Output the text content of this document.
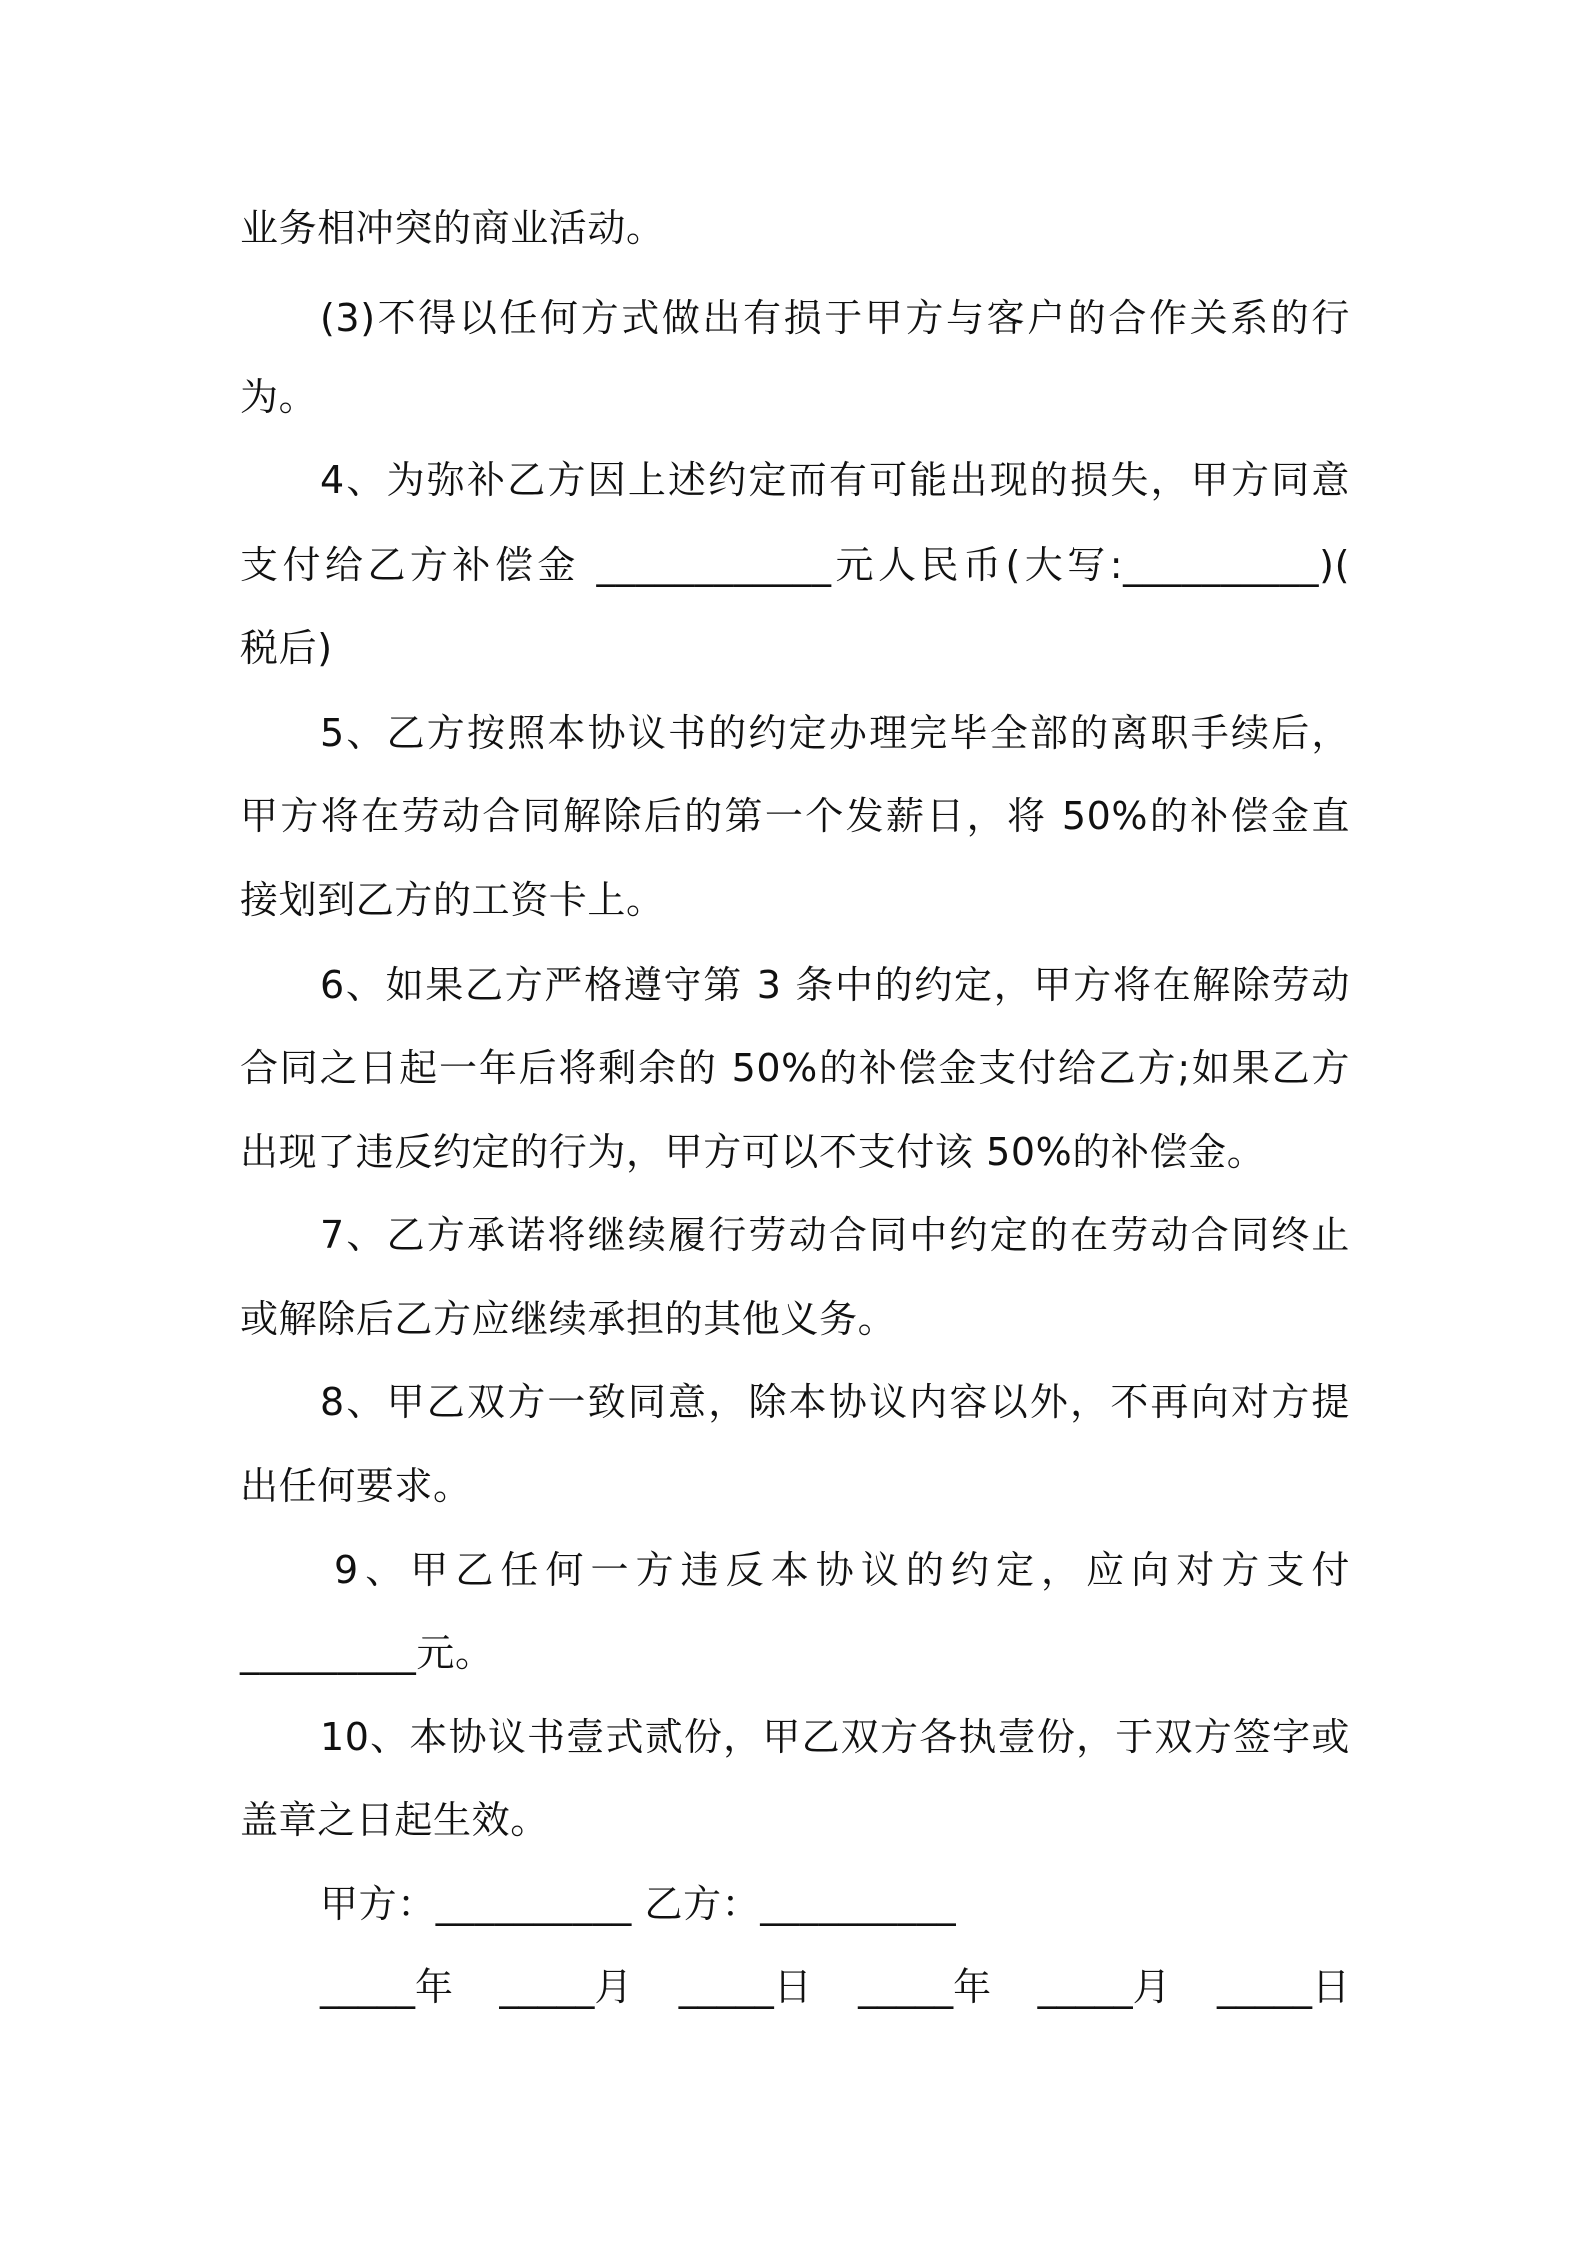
业务相冲突的商业活动。
(3)不得以任何方式做出有损于甲方与客户的合作关系的行
为。
4、为弥补乙方因上述约定而有可能出现的损失，甲方同意
支付给乙方补偿金 ____________元人民币(大写:__________)(
税后)
5、乙方按照本协议书的约定办理完毕全部的离职手续后，
甲方将在劳动合同解除后的第一个发薪日，将 50%的补偿金直
接划到乙方的工资卡上。
6、如果乙方严格遵守第 3 条中的约定，甲方将在解除劳动
合同之日起一年后将剩余的 50%的补偿金支付给乙方;如果乙方
出现了违反约定的行为，甲方可以不支付该 50%的补偿金。
7、乙方承诺将继续履行劳动合同中约定的在劳动合同终止
或解除后乙方应继续承担的其他义务。
8、甲乙双方一致同意，除本协议内容以外，不再向对方提
出任何要求。
9、甲乙任何一方违反本协议的约定，应向对方支付
_________元。
10、本协议书壹式贰份，甲乙双方各执壹份，于双方签字或
盖章之日起生效。
甲方：__________ 乙方：__________
_____年 _____月 _____日 _____年 _____月 _____日
